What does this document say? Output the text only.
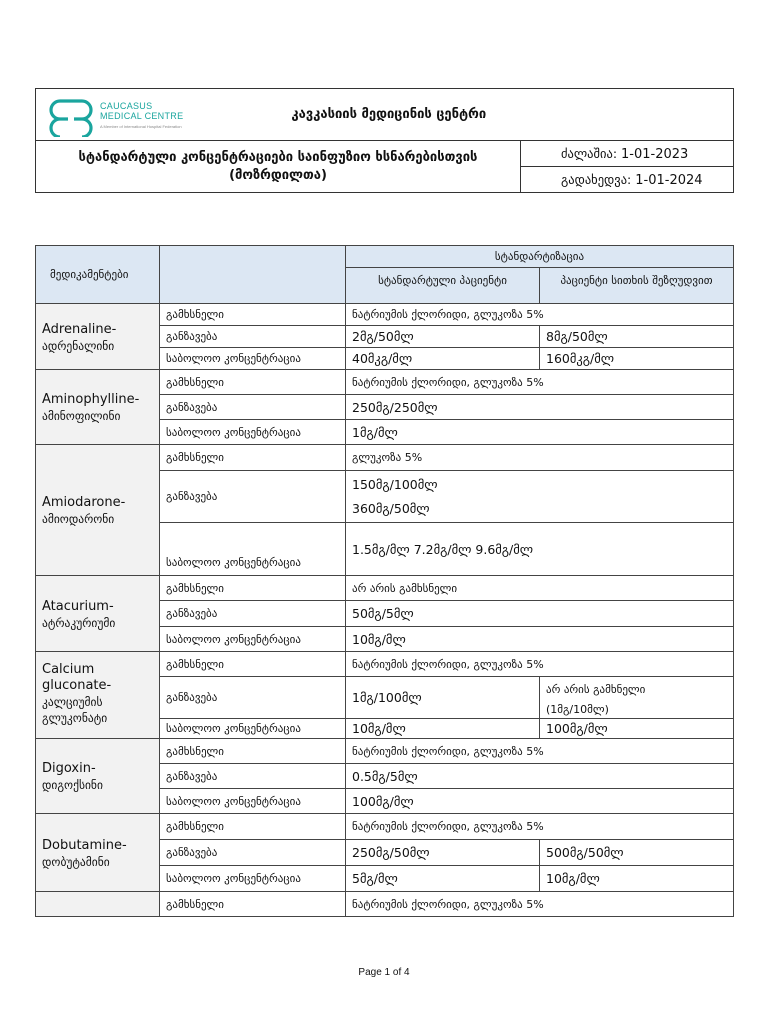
CAUCASUS
MEDICAL CENTRE
A Member of International Hospital Federation
კავკასიის მედიცინის ცენტრი	

სტანდარტული კონცენტრაციები საინფუზიო ხსნარებისთვის
(მოზრდილთა)	ძალაშია: 1-01-2023
	გადახედვა: 1-01-2024
მედიკამენტები		სტანდარტიზაცია	

		სტანდარტული პაციენტი	პაციენტი სითხის შეზღუდვით

Adrenaline-
ადრენალინი	გამხსნელი	ნატრიუმის ქლორიდი, გლუკოზა 5%	
	განზავება	2მგ/50მლ	8მგ/50მლ
	საბოლოო კონცენტრაცია	40მკგ/მლ	160მკგ/მლ

Aminophylline-
ამინოფილინი	გამხსნელი	ნატრიუმის ქლორიდი, გლუკოზა 5%	
	განზავება	250მგ/250მლ	
	საბოლოო კონცენტრაცია	1მგ/მლ	

Amiodarone-
ამიოდარონი	გამხსნელი	გლუკოზა 5%	
	განზავება	150მგ/100მლ
360მგ/50მლ	

	საბოლოო კონცენტრაცია	1.5მგ/მლ 7.2მგ/მლ 9.6მგ/მლ	

Atacurium-
ატრაკურიუმი	გამხსნელი	არ არის გამხსნელი	
	განზავება	50მგ/5მლ	
	საბოლოო კონცენტრაცია	10მგ/მლ	

Calcium
gluconate-
კალციუმის
გლუკონატი	გამხსნელი	ნატრიუმის ქლორიდი, გლუკოზა 5%	
	განზავება	1მგ/100მლ	არ არის გამხნელი
(1მგ/10მლ)

	საბოლოო კონცენტრაცია	10მგ/მლ	100მგ/მლ

Digoxin-
დიგოქსინი	გამხსნელი	ნატრიუმის ქლორიდი, გლუკოზა 5%	
	განზავება	0.5მგ/5მლ	
	საბოლოო კონცენტრაცია	100მგ/მლ	

Dobutamine-
დობუტამინი	გამხსნელი	ნატრიუმის ქლორიდი, გლუკოზა 5%	
	განზავება	250მგ/50მლ	500მგ/50მლ
	საბოლოო კონცენტრაცია	5მგ/მლ	10მგ/მლ
	გამხსნელი	ნატრიუმის ქლორიდი, გლუკოზა 5%	
Page 1 of 4
